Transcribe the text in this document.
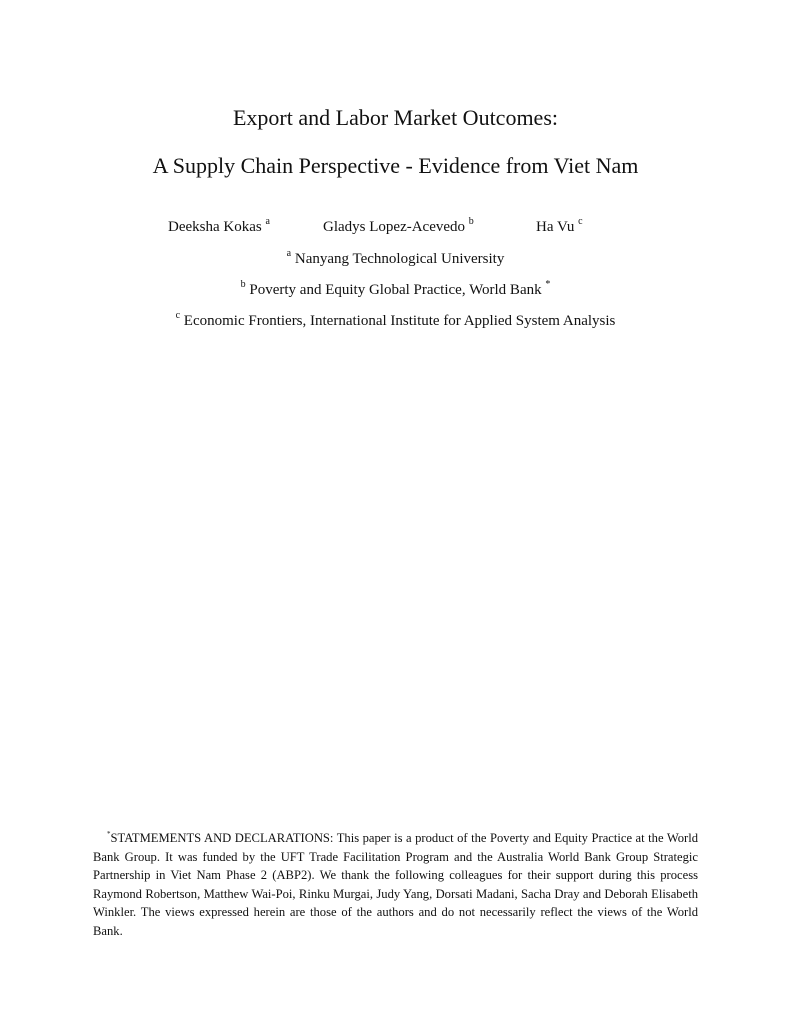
Export and Labor Market Outcomes:
A Supply Chain Perspective - Evidence from Viet Nam
Deeksha Kokas $^a$	Gladys Lopez-Acevedo $^b$	Ha Vu $^c$
$^a$ Nanyang Technological University
$^b$ Poverty and Equity Global Practice, World Bank *
$^c$ Economic Frontiers, International Institute for Applied System Analysis
*STATMEMENTS AND DECLARATIONS: This paper is a product of the Poverty and Equity Practice at the World Bank Group. It was funded by the UFT Trade Facilitation Program and the Australia World Bank Group Strategic Partnership in Viet Nam Phase 2 (ABP2). We thank the following colleagues for their support during this process Raymond Robertson, Matthew Wai-Poi, Rinku Murgai, Judy Yang, Dorsati Madani, Sacha Dray and Deborah Elisabeth Winkler. The views expressed herein are those of the authors and do not necessarily reflect the views of the World Bank.
